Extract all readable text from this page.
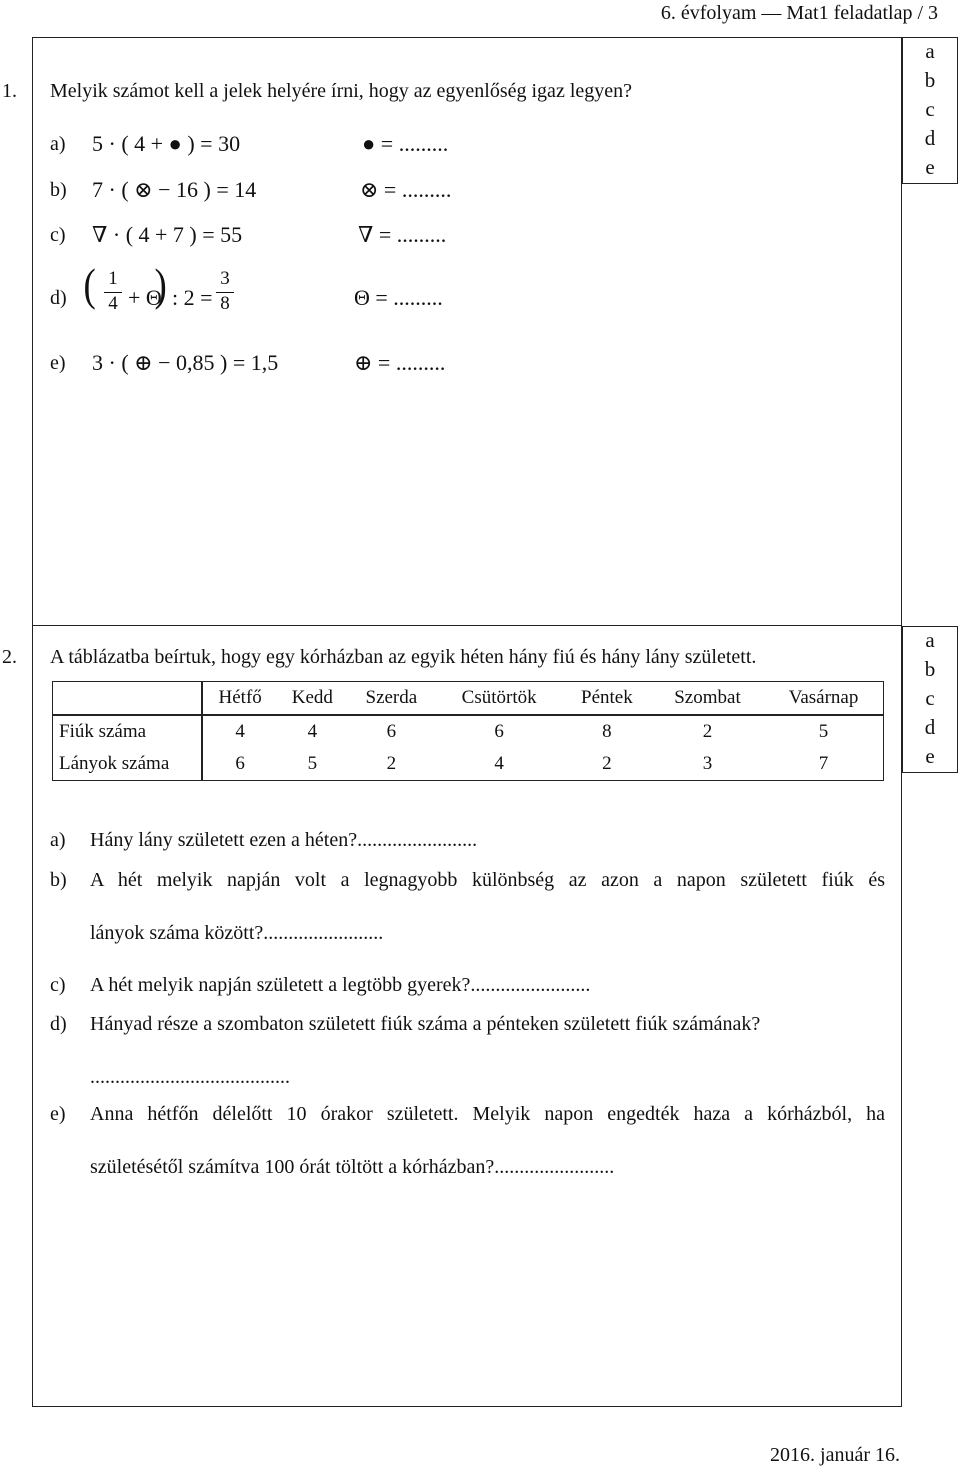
6. évfolyam — Mat1 feladatlap / 3
a
b
c
d
e
a
b
c
d
e
1. Melyik számot kell a jelek helyére írni, hogy az egyenlőség igaz legyen?
a) 5 · ( 4 + ● ) = 30	● = .........
b) 7 · ( ⊗ − 16 ) = 14	⊗ = .........
c) ∇ · ( 4 + 7 ) = 55	∇ = .........
d) ( $\frac{1}{4} + \Theta$
) : $2 = \frac{3}{8}$	Θ = .........
e) 3 · ( ⊕ − 0,85 ) = 1,5	⊕ = .........
2. A táblázatba beírtuk, hogy egy kórházban az egyik héten hány fiú és hány lány született.
	Hétfő	Kedd	Szerda	Csütörtök	Péntek	Szombat	Vasárnap
Fiúk száma	4	4	6	6	8	2	5
Lányok száma	6	5	2	4	2	3	7
a) Hány lány született ezen a héten?........................
b) A hét melyik napján volt a legnagyobb különbség az azon a napon született fiúk és
lányok száma között?........................
c) A hét melyik napján született a legtöbb gyerek?........................
d) Hányad része a szombaton született fiúk száma a pénteken született fiúk számának?
........................................
e) Anna hétfőn délelőtt 10 órakor született. Melyik napon engedték haza a kórházból, ha
születésétől számítva 100 órát töltött a kórházban?........................
2016. január 16.
